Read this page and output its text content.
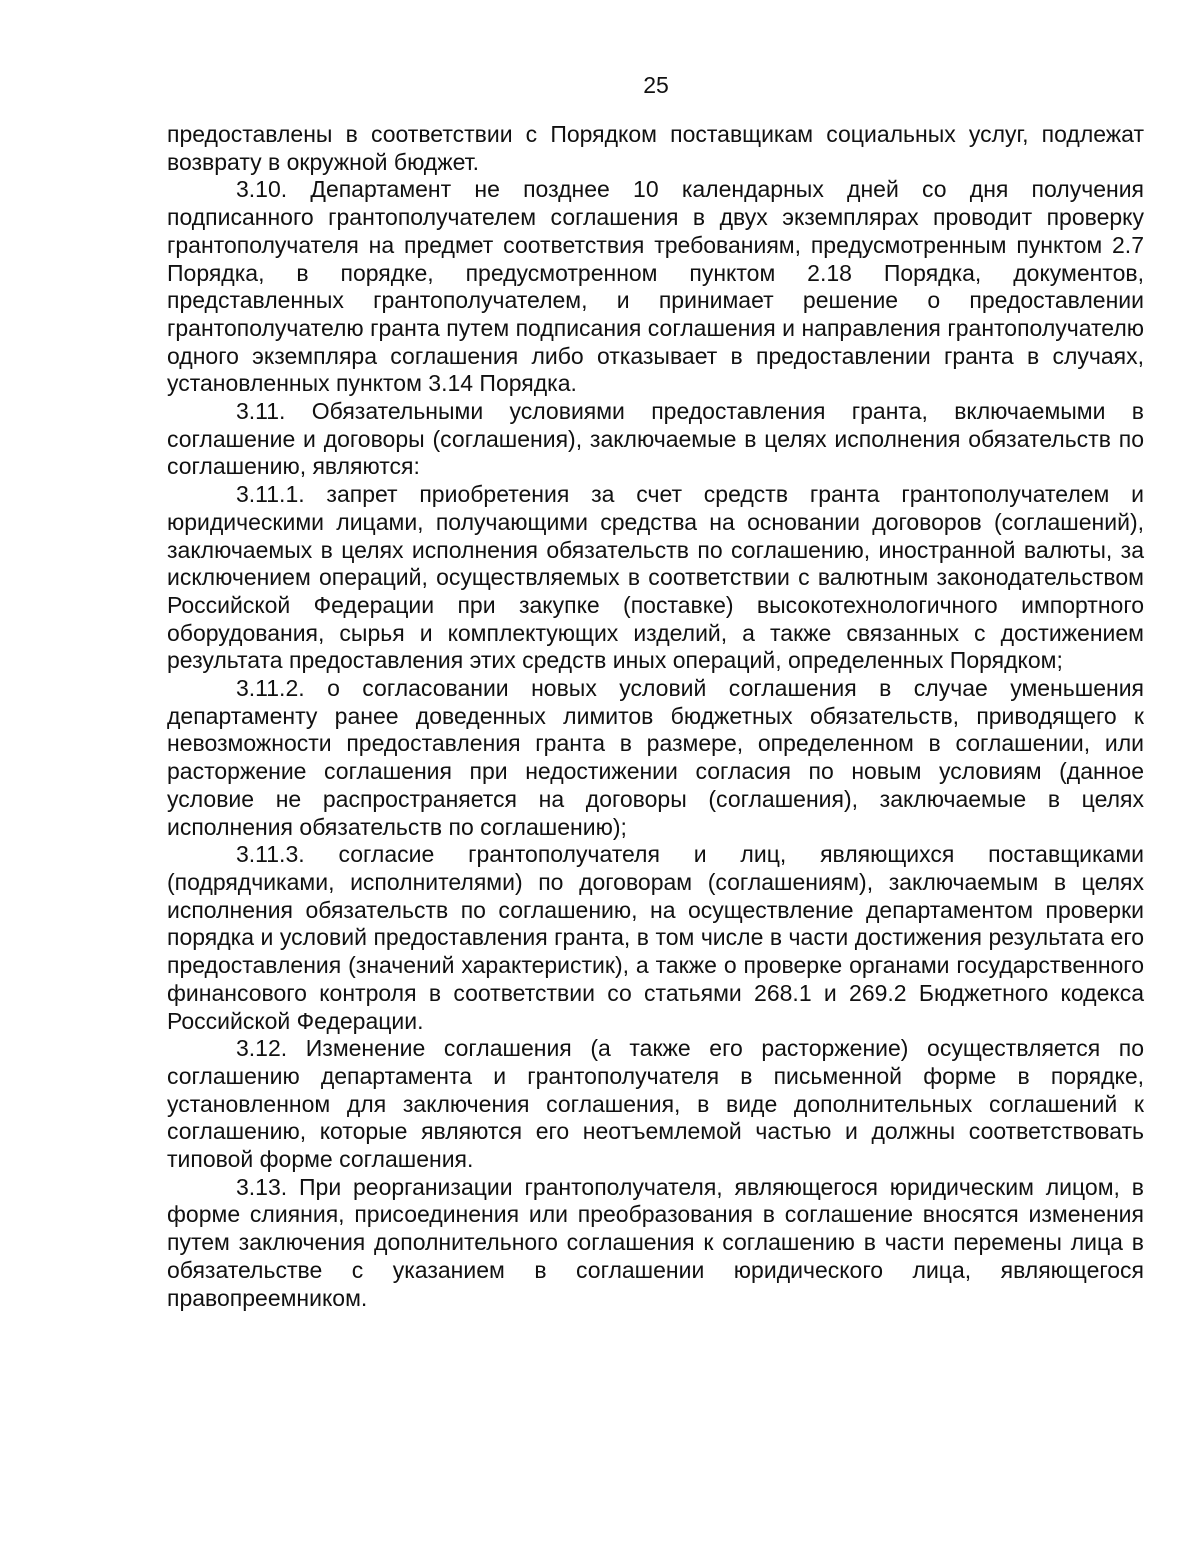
25

предоставлены в соответствии с Порядком поставщикам социальных услуг, подлежат возврату в окружной бюджет.

3.10. Департамент не позднее 10 календарных дней со дня получения подписанного грантополучателем соглашения в двух экземплярах проводит проверку грантополучателя на предмет соответствия требованиям, предусмотренным пунктом 2.7 Порядка, в порядке, предусмотренном пунктом 2.18 Порядка, документов, представленных грантополучателем, и принимает решение о предоставлении грантополучателю гранта путем подписания соглашения и направления грантополучателю одного экземпляра соглашения либо отказывает в предоставлении гранта в случаях, установленных пунктом 3.14 Порядка.

3.11. Обязательными условиями предоставления гранта, включаемыми в соглашение и договоры (соглашения), заключаемые в целях исполнения обязательств по соглашению, являются:

3.11.1. запрет приобретения за счет средств гранта грантополучателем и юридическими лицами, получающими средства на основании договоров (соглашений), заключаемых в целях исполнения обязательств по соглашению, иностранной валюты, за исключением операций, осуществляемых в соответствии с валютным законодательством Российской Федерации при закупке (поставке) высокотехнологичного импортного оборудования, сырья и комплектующих изделий, а также связанных с достижением результата предоставления этих средств иных операций, определенных Порядком;

3.11.2. о согласовании новых условий соглашения в случае уменьшения департаменту ранее доведенных лимитов бюджетных обязательств, приводящего к невозможности предоставления гранта в размере, определенном в соглашении, или расторжение соглашения при недостижении согласия по новым условиям (данное условие не распространяется на договоры (соглашения), заключаемые в целях исполнения обязательств по соглашению);

3.11.3. согласие грантополучателя и лиц, являющихся поставщиками (подрядчиками, исполнителями) по договорам (соглашениям), заключаемым в целях исполнения обязательств по соглашению, на осуществление департаментом проверки порядка и условий предоставления гранта, в том числе в части достижения результата его предоставления (значений характеристик), а также о проверке органами государственного финансового контроля в соответствии со статьями 268.1 и 269.2 Бюджетного кодекса Российской Федерации.

3.12. Изменение соглашения (а также его расторжение) осуществляется по соглашению департамента и грантополучателя в письменной форме в порядке, установленном для заключения соглашения, в виде дополнительных соглашений к соглашению, которые являются его неотъемлемой частью и должны соответствовать типовой форме соглашения.

3.13. При реорганизации грантополучателя, являющегося юридическим лицом, в форме слияния, присоединения или преобразования в соглашение вносятся изменения путем заключения дополнительного соглашения к соглашению в части перемены лица в обязательстве с указанием в соглашении юридического лица, являющегося правопреемником.
